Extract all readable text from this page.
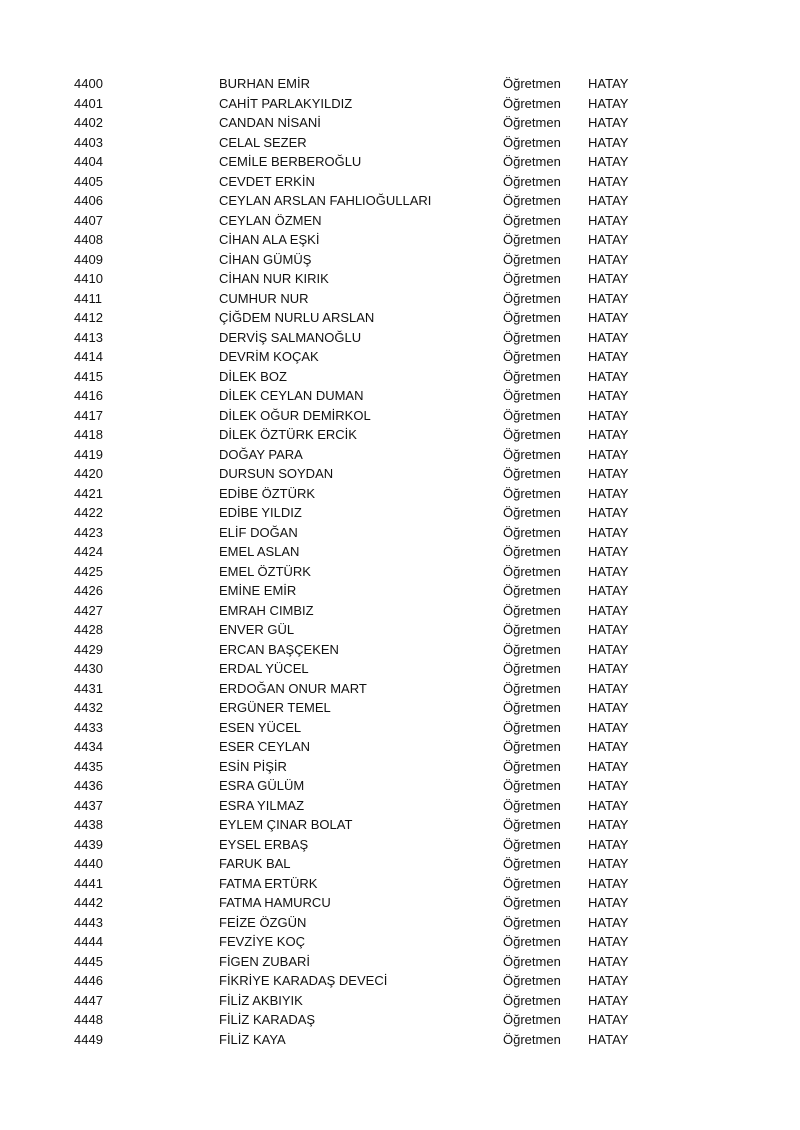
4400	BURHAN EMİR	Öğretmen HATAY
4401	CAHİT PARLAKYILDIZ	Öğretmen HATAY
4402	CANDAN NİSANİ	Öğretmen HATAY
4403	CELAL SEZER	Öğretmen HATAY
4404	CEMİLE BERBEROĞLU	Öğretmen HATAY
4405	CEVDET ERKİN	Öğretmen HATAY
4406	CEYLAN ARSLAN FAHLIOĞULLARI	Öğretmen HATAY
4407	CEYLAN ÖZMEN	Öğretmen HATAY
4408	CİHAN ALA EŞKİ	Öğretmen HATAY
4409	CİHAN GÜMÜŞ	Öğretmen HATAY
4410	CİHAN NUR KIRIK	Öğretmen HATAY
4411	CUMHUR NUR	Öğretmen HATAY
4412	ÇİĞDEM NURLU ARSLAN	Öğretmen HATAY
4413	DERVİŞ SALMANOĞLU	Öğretmen HATAY
4414	DEVRİM KOÇAK	Öğretmen HATAY
4415	DİLEK BOZ	Öğretmen HATAY
4416	DİLEK CEYLAN DUMAN	Öğretmen HATAY
4417	DİLEK OĞUR DEMİRKOL	Öğretmen HATAY
4418	DİLEK ÖZTÜRK ERCİK	Öğretmen HATAY
4419	DOĞAY PARA	Öğretmen HATAY
4420	DURSUN SOYDAN	Öğretmen HATAY
4421	EDİBE ÖZTÜRK	Öğretmen HATAY
4422	EDİBE YILDIZ	Öğretmen HATAY
4423	ELİF DOĞAN	Öğretmen HATAY
4424	EMEL ASLAN	Öğretmen HATAY
4425	EMEL ÖZTÜRK	Öğretmen HATAY
4426	EMİNE EMİR	Öğretmen HATAY
4427	EMRAH CIMBIZ	Öğretmen HATAY
4428	ENVER GÜL	Öğretmen HATAY
4429	ERCAN BAŞÇEKEN	Öğretmen HATAY
4430	ERDAL YÜCEL	Öğretmen HATAY
4431	ERDOĞAN ONUR MART	Öğretmen HATAY
4432	ERGÜNER TEMEL	Öğretmen HATAY
4433	ESEN YÜCEL	Öğretmen HATAY
4434	ESER CEYLAN	Öğretmen HATAY
4435	ESİN PİŞİR	Öğretmen HATAY
4436	ESRA GÜLÜM	Öğretmen HATAY
4437	ESRA YILMAZ	Öğretmen HATAY
4438	EYLEM ÇINAR BOLAT	Öğretmen HATAY
4439	EYSEL ERBAŞ	Öğretmen HATAY
4440	FARUK BAL	Öğretmen HATAY
4441	FATMA ERTÜRK	Öğretmen HATAY
4442	FATMA HAMURCU	Öğretmen HATAY
4443	FEİZE ÖZGÜN	Öğretmen HATAY
4444	FEVZİYE KOÇ	Öğretmen HATAY
4445	FİGEN ZUBARİ	Öğretmen HATAY
4446	FİKRİYE KARADAŞ DEVECİ	Öğretmen HATAY
4447	FİLİZ AKBIYIK	Öğretmen HATAY
4448	FİLİZ KARADAŞ	Öğretmen HATAY
4449	FİLİZ KAYA	Öğretmen HATAY
